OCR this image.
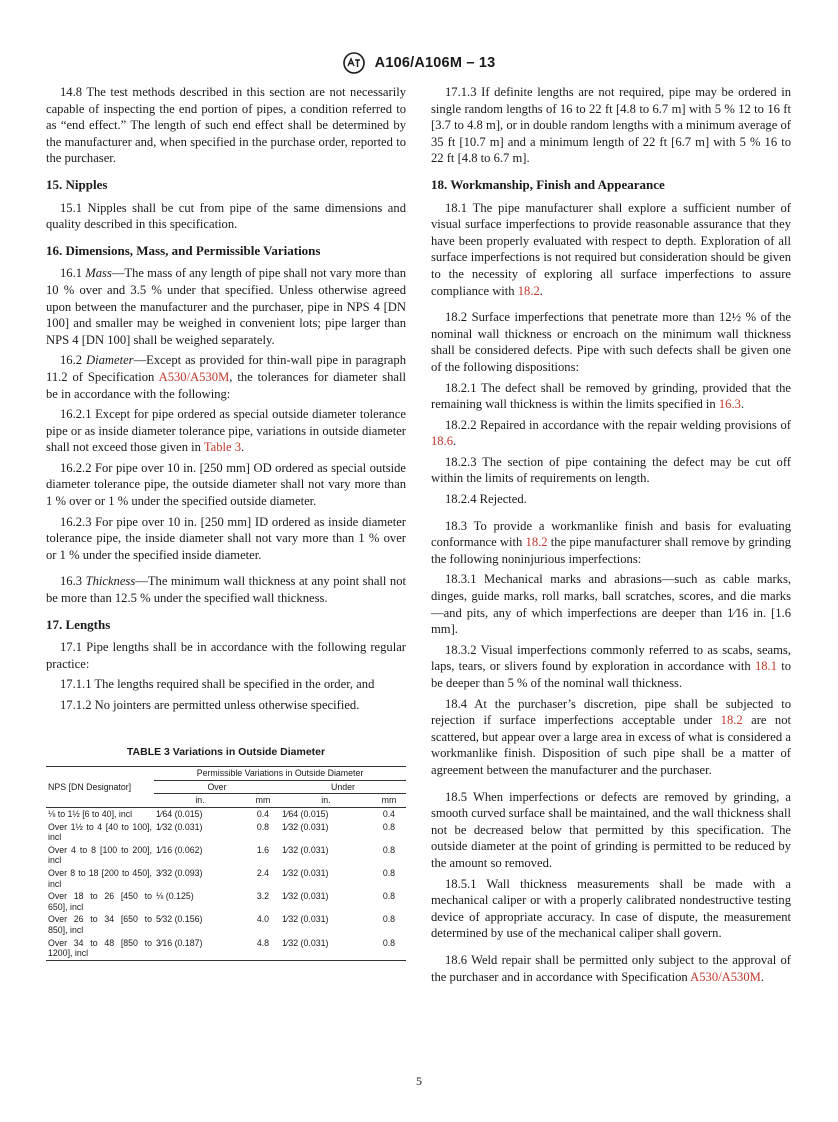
A106/A106M – 13

14.8 The test methods described in this section are not necessarily capable of inspecting the end portion of pipes, a condition referred to as “end effect.” The length of such end effect shall be determined by the manufacturer and, when specified in the purchase order, reported to the purchaser.

15. Nipples

15.1 Nipples shall be cut from pipe of the same dimensions and quality described in this specification.

16. Dimensions, Mass, and Permissible Variations

16.1 Mass—The mass of any length of pipe shall not vary more than 10 % over and 3.5 % under that specified. Unless otherwise agreed upon between the manufacturer and the purchaser, pipe in NPS 4 [DN 100] and smaller may be weighed in convenient lots; pipe larger than NPS 4 [DN 100] shall be weighed separately.

16.2 Diameter—Except as provided for thin-wall pipe in paragraph 11.2 of Specification A530/A530M, the tolerances for diameter shall be in accordance with the following:

16.2.1 Except for pipe ordered as special outside diameter tolerance pipe or as inside diameter tolerance pipe, variations in outside diameter shall not exceed those given in Table 3.

16.2.2 For pipe over 10 in. [250 mm] OD ordered as special outside diameter tolerance pipe, the outside diameter shall not vary more than 1 % over or 1 % under the specified outside diameter.

16.2.3 For pipe over 10 in. [250 mm] ID ordered as inside diameter tolerance pipe, the inside diameter shall not vary more than 1 % over or 1 % under the specified inside diameter.

16.3 Thickness—The minimum wall thickness at any point shall not be more than 12.5 % under the specified wall thickness.

17. Lengths

17.1 Pipe lengths shall be in accordance with the following regular practice:

17.1.1 The lengths required shall be specified in the order, and

17.1.2 No jointers are permitted unless otherwise specified.

TABLE 3 Variations in Outside Diameter
NPS [DN Designator]	Permissible Variations in Outside Diameter			
	Over		Under	
	in.	mm	in.	mm
⅛ to 1½ [6 to 40], incl	1⁄64 (0.015)	0.4	1⁄64 (0.015)	0.4
Over 1½ to 4 [40 to 100], incl	1⁄32 (0.031)	0.8	1⁄32 (0.031)	0.8
Over 4 to 8 [100 to 200], incl	1⁄16 (0.062)	1.6	1⁄32 (0.031)	0.8
Over 8 to 18 [200 to 450], incl	3⁄32 (0.093)	2.4	1⁄32 (0.031)	0.8
Over 18 to 26 [450 to 650], incl	⅛ (0.125)	3.2	1⁄32 (0.031)	0.8
Over 26 to 34 [650 to 850], incl	5⁄32 (0.156)	4.0	1⁄32 (0.031)	0.8
Over 34 to 48 [850 to 1200], incl	3⁄16 (0.187)	4.8	1⁄32 (0.031)	0.8

17.1.3 If definite lengths are not required, pipe may be ordered in single random lengths of 16 to 22 ft [4.8 to 6.7 m] with 5 % 12 to 16 ft [3.7 to 4.8 m], or in double random lengths with a minimum average of 35 ft [10.7 m] and a minimum length of 22 ft [6.7 m] with 5 % 16 to 22 ft [4.8 to 6.7 m].

18. Workmanship, Finish and Appearance

18.1 The pipe manufacturer shall explore a sufficient number of visual surface imperfections to provide reasonable assurance that they have been properly evaluated with respect to depth. Exploration of all surface imperfections is not required but consideration should be given to the necessity of exploring all surface imperfections to assure compliance with 18.2.

18.2 Surface imperfections that penetrate more than 12½ % of the nominal wall thickness or encroach on the minimum wall thickness shall be considered defects. Pipe with such defects shall be given one of the following dispositions:

18.2.1 The defect shall be removed by grinding, provided that the remaining wall thickness is within the limits specified in 16.3.

18.2.2 Repaired in accordance with the repair welding provisions of 18.6.

18.2.3 The section of pipe containing the defect may be cut off within the limits of requirements on length.

18.2.4 Rejected.

18.3 To provide a workmanlike finish and basis for evaluating conformance with 18.2 the pipe manufacturer shall remove by grinding the following noninjurious imperfections:

18.3.1 Mechanical marks and abrasions—such as cable marks, dinges, guide marks, roll marks, ball scratches, scores, and die marks—and pits, any of which imperfections are deeper than 1⁄16 in. [1.6 mm].

18.3.2 Visual imperfections commonly referred to as scabs, seams, laps, tears, or slivers found by exploration in accordance with 18.1 to be deeper than 5 % of the nominal wall thickness.

18.4 At the purchaser’s discretion, pipe shall be subjected to rejection if surface imperfections acceptable under 18.2 are not scattered, but appear over a large area in excess of what is considered a workmanlike finish. Disposition of such pipe shall be a matter of agreement between the manufacturer and the purchaser.

18.5 When imperfections or defects are removed by grinding, a smooth curved surface shall be maintained, and the wall thickness shall not be decreased below that permitted by this specification. The outside diameter at the point of grinding is permitted to be reduced by the amount so removed.

18.5.1 Wall thickness measurements shall be made with a mechanical caliper or with a properly calibrated nondestructive testing device of appropriate accuracy. In case of dispute, the measurement determined by use of the mechanical caliper shall govern.

18.6 Weld repair shall be permitted only subject to the approval of the purchaser and in accordance with Specification A530/A530M.

5
